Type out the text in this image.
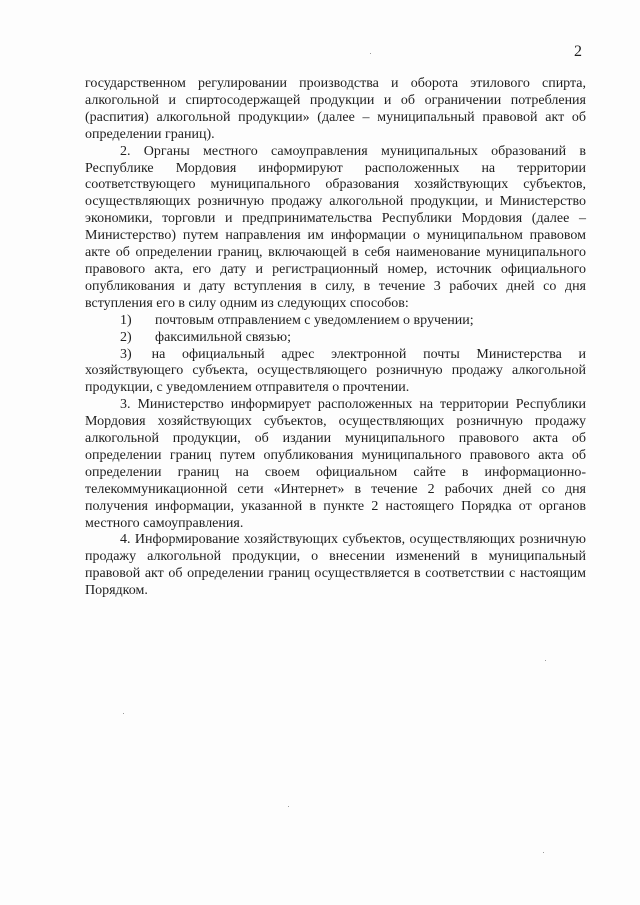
2

государственном регулировании производства и оборота этилового спирта, алкогольной и спиртосодержащей продукции и об ограничении потребления (распития) алкогольной продукции» (далее – муниципальный правовой акт об определении границ).

2. Органы местного самоуправления муниципальных образований в Республике Мордовия информируют расположенных на территории соответствующего муниципального образования хозяйствующих субъектов, осуществляющих розничную продажу алкогольной продукции, и Министерство экономики, торговли и предпринимательства Республики Мордовия (далее – Министерство) путем направления им информации о муниципальном правовом акте об определении границ, включающей в себя наименование муниципального правового акта, его дату и регистрационный номер, источник официального опубликования и дату вступления в силу, в течение 3 рабочих дней со дня вступления его в силу одним из следующих способов:

1)	почтовым отправлением с уведомлением о вручении;
2)	факсимильной связью;

3) на официальный адрес электронной почты Министерства и хозяйствующего субъекта, осуществляющего розничную продажу алкогольной продукции, с уведомлением отправителя о прочтении.

3. Министерство информирует расположенных на территории Республики Мордовия хозяйствующих субъектов, осуществляющих розничную продажу алкогольной продукции, об издании муниципального правового акта об определении границ путем опубликования муниципального правового акта об определении границ на своем официальном сайте в информационно-телекоммуникационной сети «Интернет» в течение 2 рабочих дней со дня получения информации, указанной в пункте 2 настоящего Порядка от органов местного самоуправления.

4. Информирование хозяйствующих субъектов, осуществляющих розничную продажу алкогольной продукции, о внесении изменений в муниципальный правовой акт об определении границ осуществляется в соответствии с настоящим Порядком.
